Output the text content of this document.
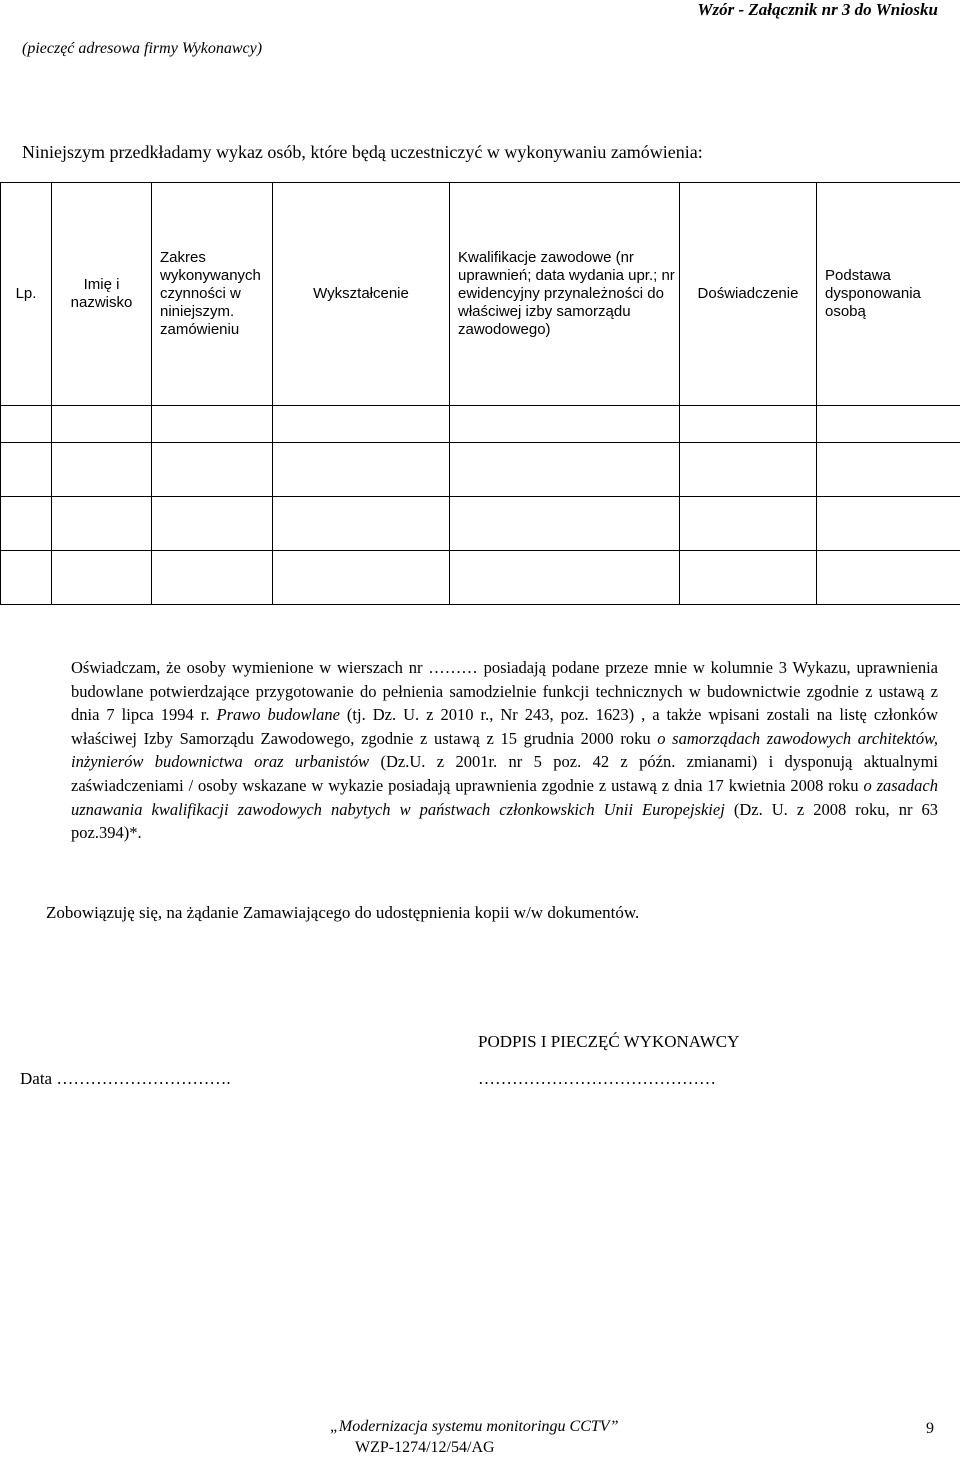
Wzór - Załącznik nr 3 do Wniosku
(pieczęć adresowa firmy Wykonawcy)
Niniejszym przedkładamy wykaz osób, które będą uczestniczyć w wykonywaniu zamówienia:
Lp.	Imię i nazwisko	Zakres wykonywanych czynności w niniejszym. zamówieniu	Wykształcenie	Kwalifikacje zawodowe (nr uprawnień; data wydania upr.; nr ewidencyjny przynależności do właściwej izby samorządu zawodowego)	Doświadczenie	Podstawa dysponowania osobą

Oświadczam, że osoby wymienione w wierszach nr ……… posiadają podane przeze mnie w kolumnie 3 Wykazu, uprawnienia budowlane potwierdzające przygotowanie do pełnienia samodzielnie funkcji technicznych w budownictwie zgodnie z ustawą z dnia 7 lipca 1994 r. Prawo budowlane (tj. Dz. U. z 2010 r., Nr 243, poz. 1623) , a także wpisani zostali na listę członków właściwej Izby Samorządu Zawodowego, zgodnie z ustawą z 15 grudnia 2000 roku o samorządach zawodowych architektów, inżynierów budownictwa oraz urbanistów (Dz.U. z 2001r. nr 5 poz. 42 z późn. zmianami) i dysponują aktualnymi zaświadczeniami / osoby wskazane w wykazie posiadają uprawnienia zgodnie z ustawą z dnia 17 kwietnia 2008 roku o zasadach uznawania kwalifikacji zawodowych nabytych w państwach członkowskich Unii Europejskiej (Dz. U. z 2008 roku, nr 63 poz.394)*.

Zobowiązuję się, na żądanie Zamawiającego do udostępnienia kopii w/w dokumentów.
PODPIS I PIECZĘĆ WYKONAWCY
Data ………………………….	……………………………………
„Modernizacja systemu monitoringu CCTV”
WZP-1274/12/54/AG
9
